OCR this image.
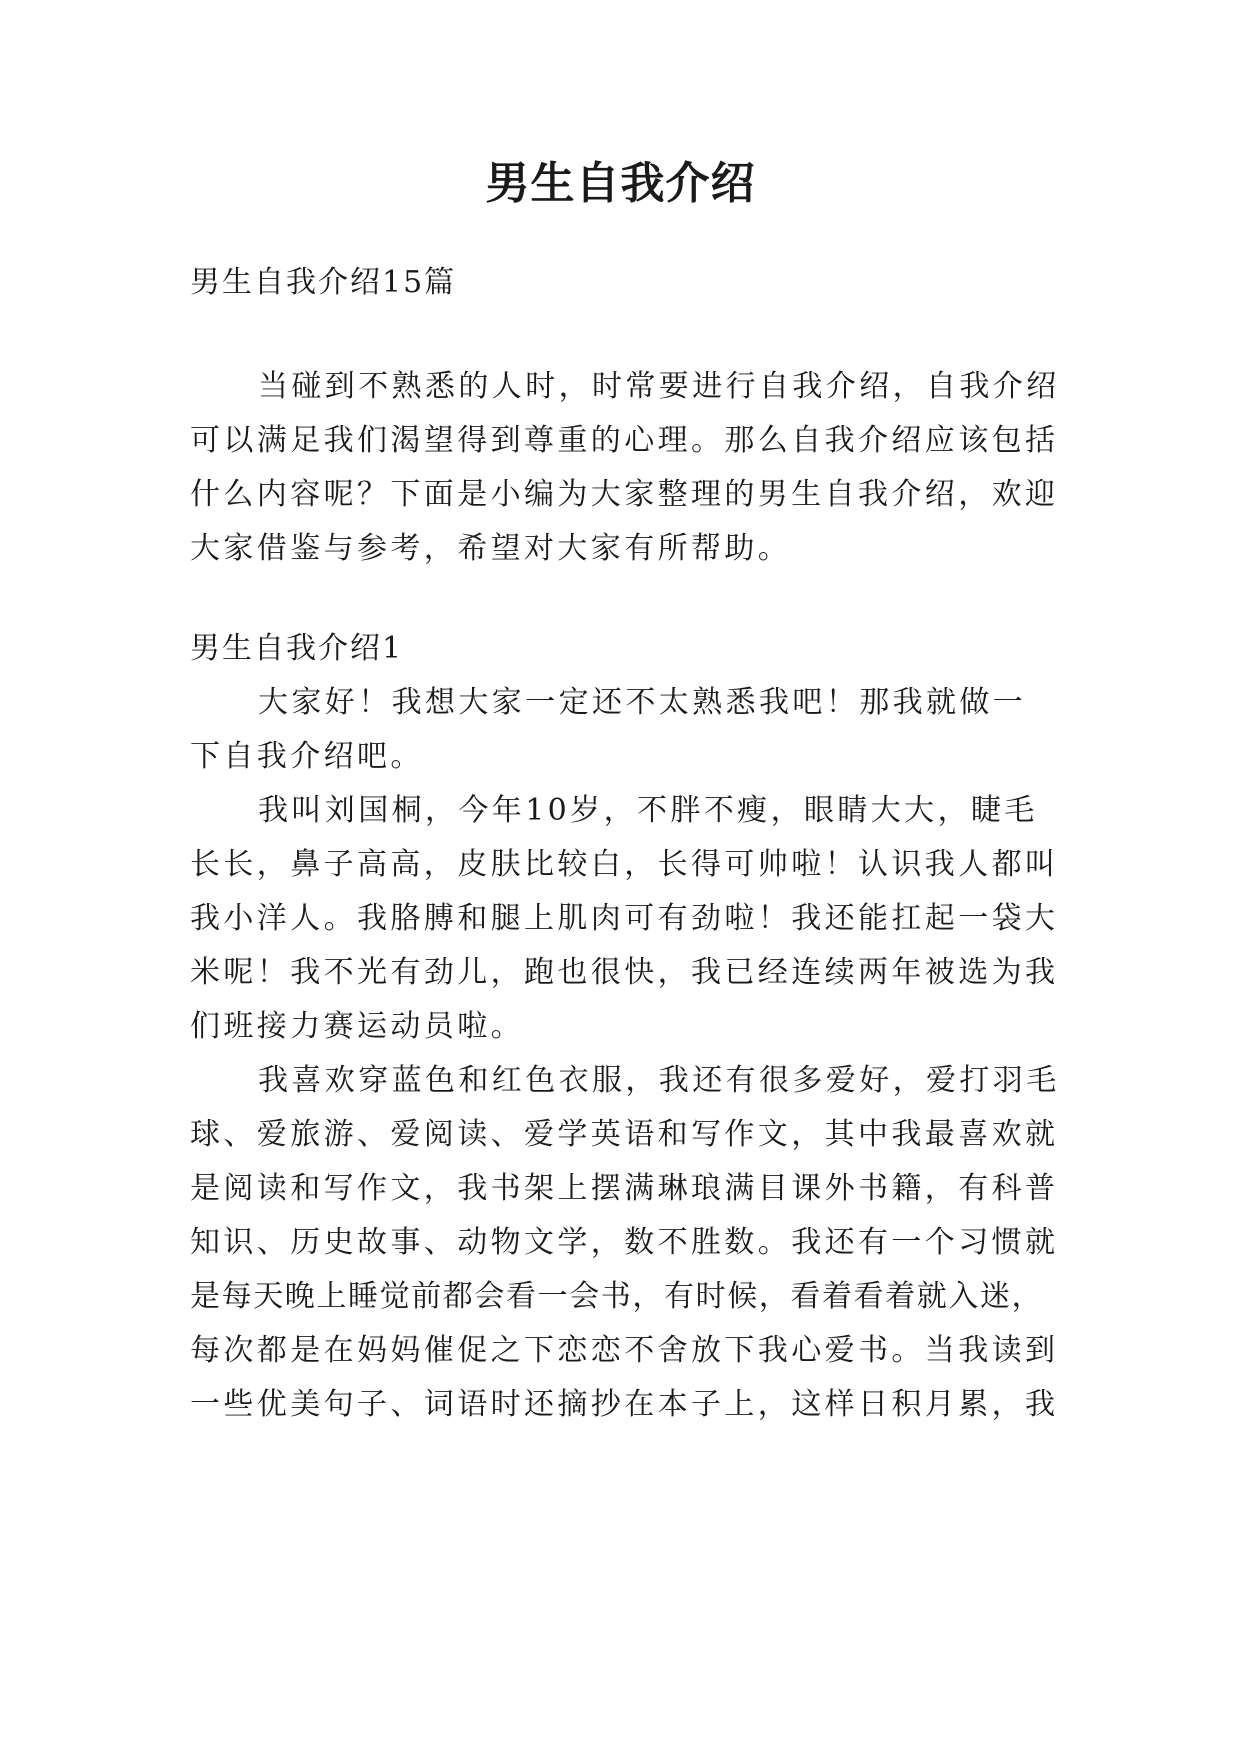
男生自我介绍
男生自我介绍15篇
当碰到不熟悉的人时，时常要进行自我介绍，自我介绍
可以满足我们渴望得到尊重的心理。那么自我介绍应该包括
什么内容呢？下面是小编为大家整理的男生自我介绍，欢迎
大家借鉴与参考，希望对大家有所帮助。
男生自我介绍1
大家好！我想大家一定还不太熟悉我吧！那我就做一
下自我介绍吧。
我叫刘国桐，今年10岁，不胖不瘦，眼睛大大，睫毛
长长，鼻子高高，皮肤比较白，长得可帅啦！认识我人都叫
我小洋人。我胳膊和腿上肌肉可有劲啦！我还能扛起一袋大
米呢！我不光有劲儿，跑也很快，我已经连续两年被选为我
们班接力赛运动员啦。
我喜欢穿蓝色和红色衣服，我还有很多爱好，爱打羽毛
球、爱旅游、爱阅读、爱学英语和写作文，其中我最喜欢就
是阅读和写作文，我书架上摆满琳琅满目课外书籍，有科普
知识、历史故事、动物文学，数不胜数。我还有一个习惯就
是每天晚上睡觉前都会看一会书，有时候，看着看着就入迷，
每次都是在妈妈催促之下恋恋不舍放下我心爱书。当我读到
一些优美句子、词语时还摘抄在本子上，这样日积月累，我
